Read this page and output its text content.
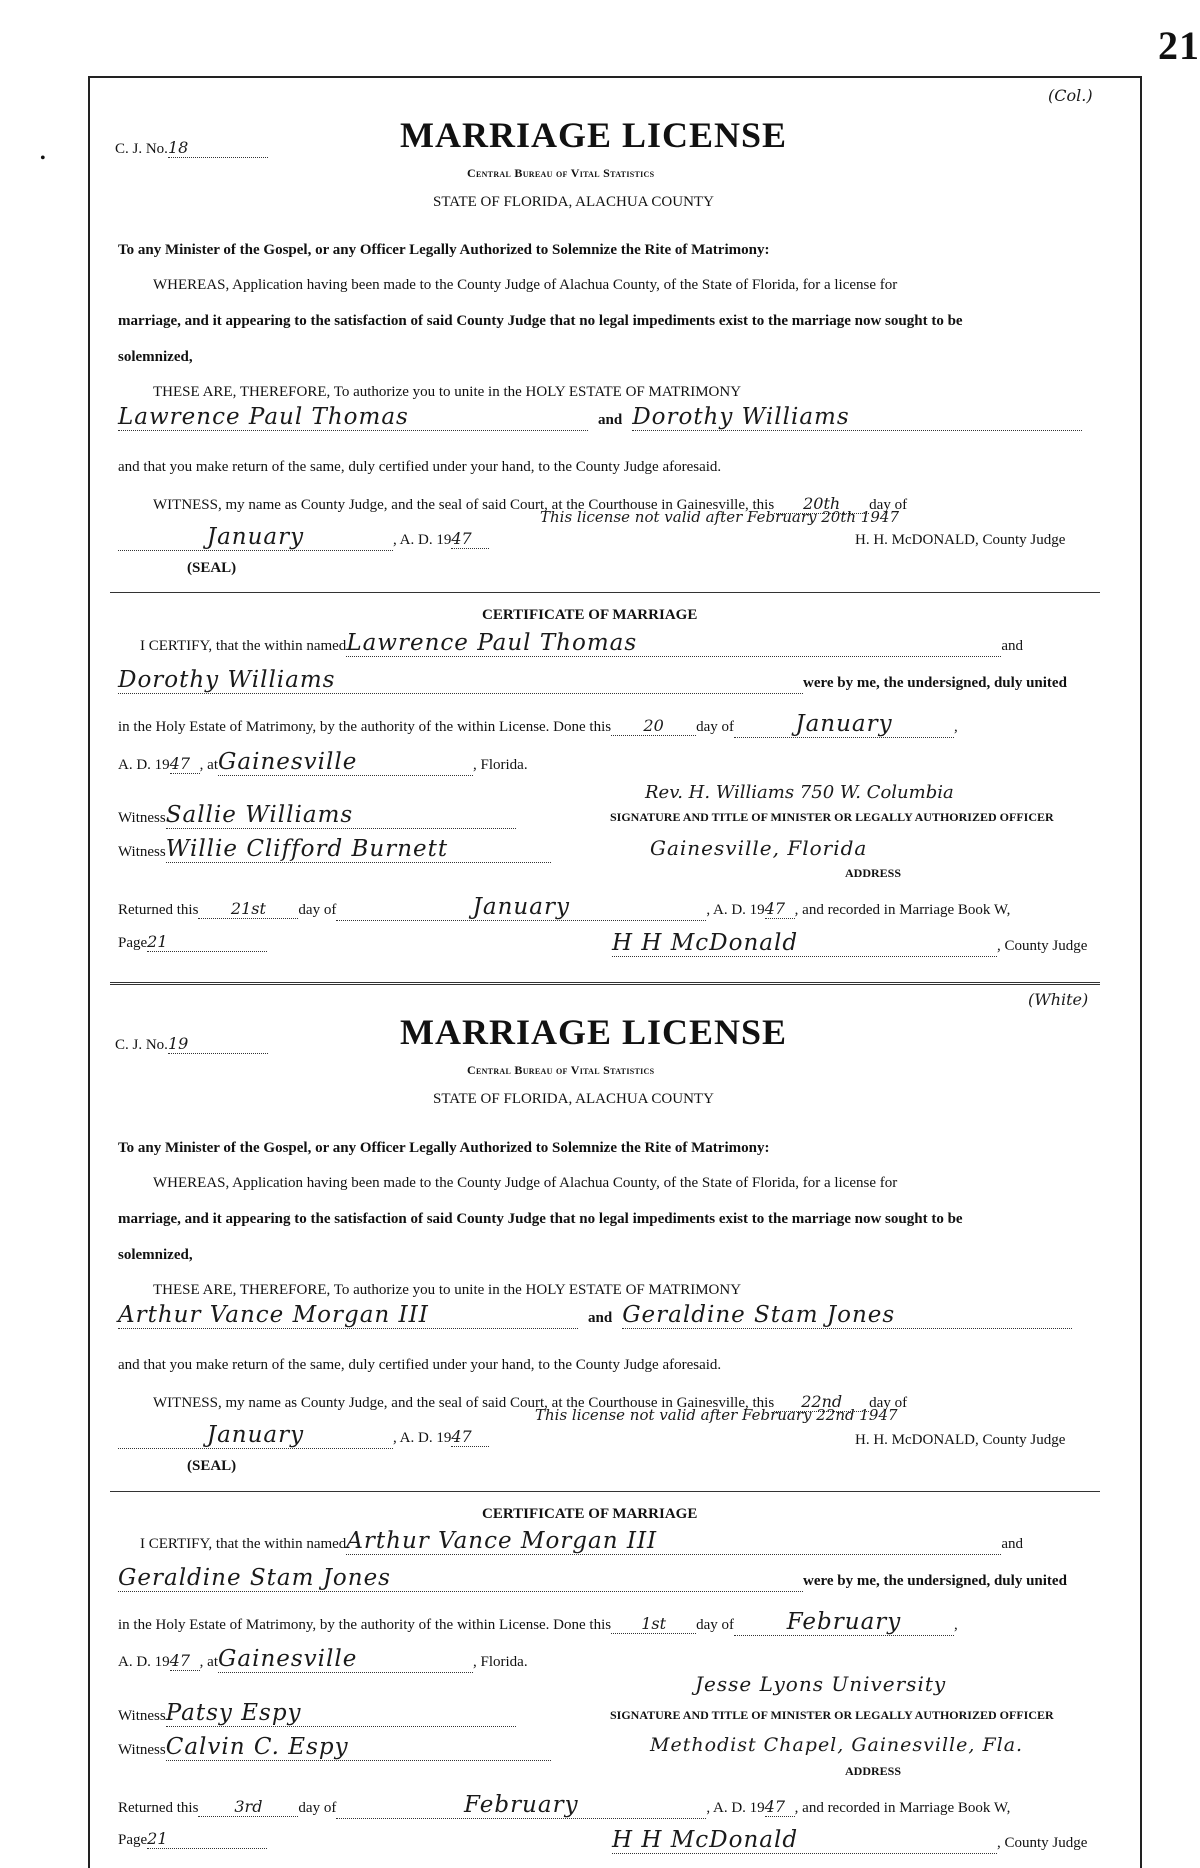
21
•
(Col.)
C. J. No.18	MARRIAGE LICENSE
Central Bureau of Vital Statistics
STATE OF FLORIDA, ALACHUA COUNTY
To any Minister of the Gospel, or any Officer Legally Authorized to Solemnize the Rite of Matrimony:
WHEREAS, Application having been made to the County Judge of Alachua County, of the State of Florida, for a license for
marriage, and it appearing to the satisfaction of said County Judge that no legal impediments exist to the marriage now sought to be
solemnized,
THESE ARE, THEREFORE, To authorize you to unite in the HOLY ESTATE OF MATRIMONY
Lawrence Paul Thomas	and Dorothy Williams
and that you make return of the same, duly certified under your hand, to the County Judge aforesaid.
WITNESS, my name as County Judge, and the seal of said Court, at the Courthouse in Gainesville, this 20th day of
This license not valid after February 20th 1947
January	, A. D. 1947	H. H. McDONALD, County Judge
(SEAL)
CERTIFICATE OF MARRIAGE
I CERTIFY, that the within namedLawrence Paul Thomas	and
Dorothy Williams	were by me, the undersigned, duly united
in the Holy Estate of Matrimony, by the authority of the within License. Done this 20 day of	January	,
A. D. 1947 , atGainesville	, Florida.
Rev. H. Williams 750 W. Columbia
WitnessSallie Williams	SIGNATURE AND TITLE OF MINISTER OR LEGALLY AUTHORIZED OFFICER
WitnessWillie Clifford Burnett	Gainesville, Florida
ADDRESS
Returned this 21st day of	January	, A. D. 1947 , and recorded in Marriage Book W,
Page21	H H McDonald	, County Judge
(White)
C. J. No.19	MARRIAGE LICENSE
Central Bureau of Vital Statistics
STATE OF FLORIDA, ALACHUA COUNTY
To any Minister of the Gospel, or any Officer Legally Authorized to Solemnize the Rite of Matrimony:
WHEREAS, Application having been made to the County Judge of Alachua County, of the State of Florida, for a license for
marriage, and it appearing to the satisfaction of said County Judge that no legal impediments exist to the marriage now sought to be
solemnized,
THESE ARE, THEREFORE, To authorize you to unite in the HOLY ESTATE OF MATRIMONY
Arthur Vance Morgan III	and Geraldine Stam Jones
and that you make return of the same, duly certified under your hand, to the County Judge aforesaid.
WITNESS, my name as County Judge, and the seal of said Court, at the Courthouse in Gainesville, this 22nd day of
This license not valid after February 22nd 1947
January	, A. D. 1947	H. H. McDONALD, County Judge
(SEAL)
CERTIFICATE OF MARRIAGE
I CERTIFY, that the within namedArthur Vance Morgan III	and
Geraldine Stam Jones	were by me, the undersigned, duly united
in the Holy Estate of Matrimony, by the authority of the within License. Done this 1st day of February	,
A. D. 1947 , atGainesville	, Florida.
Jesse Lyons University
WitnessPatsy Espy	SIGNATURE AND TITLE OF MINISTER OR LEGALLY AUTHORIZED OFFICER
WitnessCalvin C. Espy	Methodist Chapel, Gainesville, Fla.
ADDRESS
Returned this 3rd day of	February	, A. D. 1947 , and recorded in Marriage Book W,
Page21	H H McDonald	, County Judge
